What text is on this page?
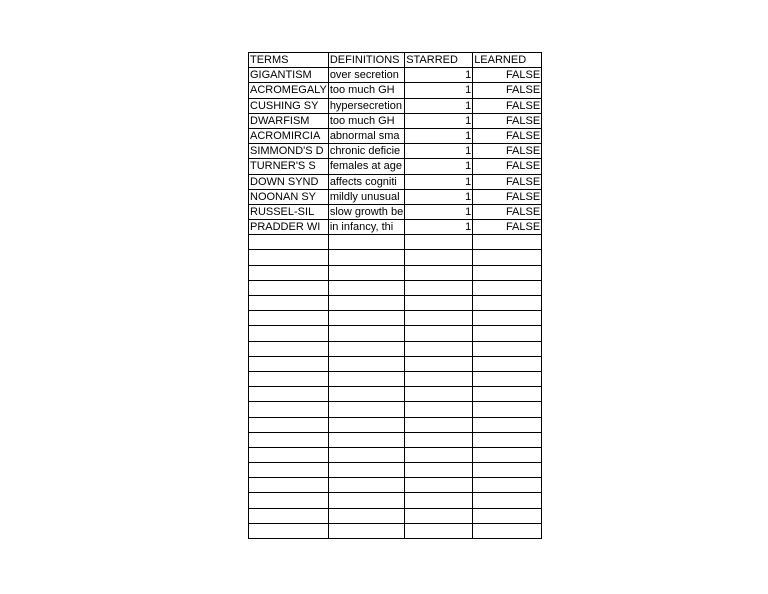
TERMS	DEFINITIONS	STARRED	LEARNED
GIGANTISM	over secretion	1	FALSE
ACROMEGALY	too much GH	1	FALSE
CUSHING SY	hypersecretion	1	FALSE
DWARFISM	too much GH	1	FALSE
ACROMIRCIA	abnormal sma	1	FALSE
SIMMOND'S D	chronic deficie	1	FALSE
TURNER'S S	females at age	1	FALSE
DOWN SYND	affects cogniti	1	FALSE
NOONAN SY	mildly unusual	1	FALSE
RUSSEL-SIL	slow growth be	1	FALSE
PRADDER WI	in infancy, thi	1	FALSE
